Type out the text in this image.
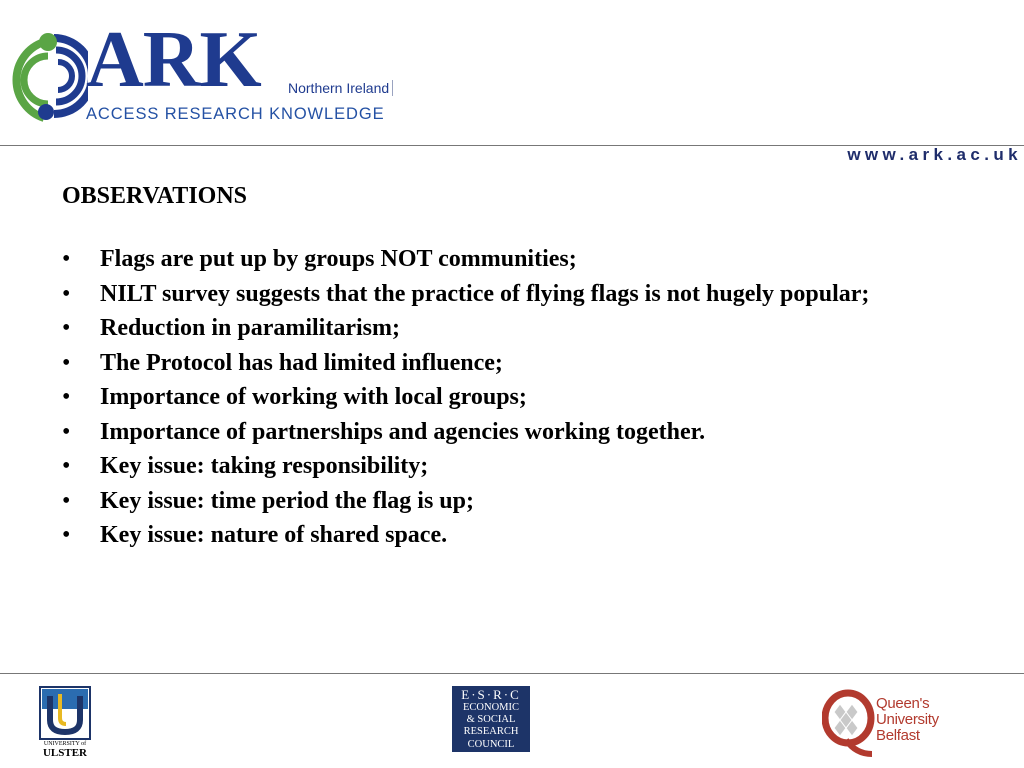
ARK Northern Ireland
ACCESS RESEARCH KNOWLEDGE
www.ark.ac.uk
OBSERVATIONS
• Flags are put up by groups NOT communities;
• NILT survey suggests that the practice of flying flags is not hugely popular;
• Reduction in paramilitarism;
• The Protocol has had limited influence;
• Importance of working with local groups;
• Importance of partnerships and agencies working together.
• Key issue: taking responsibility;
• Key issue: time period the flag is up;
• Key issue: nature of shared space.
UNIVERSITY of
ULSTER
E·S·R·C
ECONOMIC
& SOCIAL
RESEARCH
COUNCIL
Queen's University
Belfast
